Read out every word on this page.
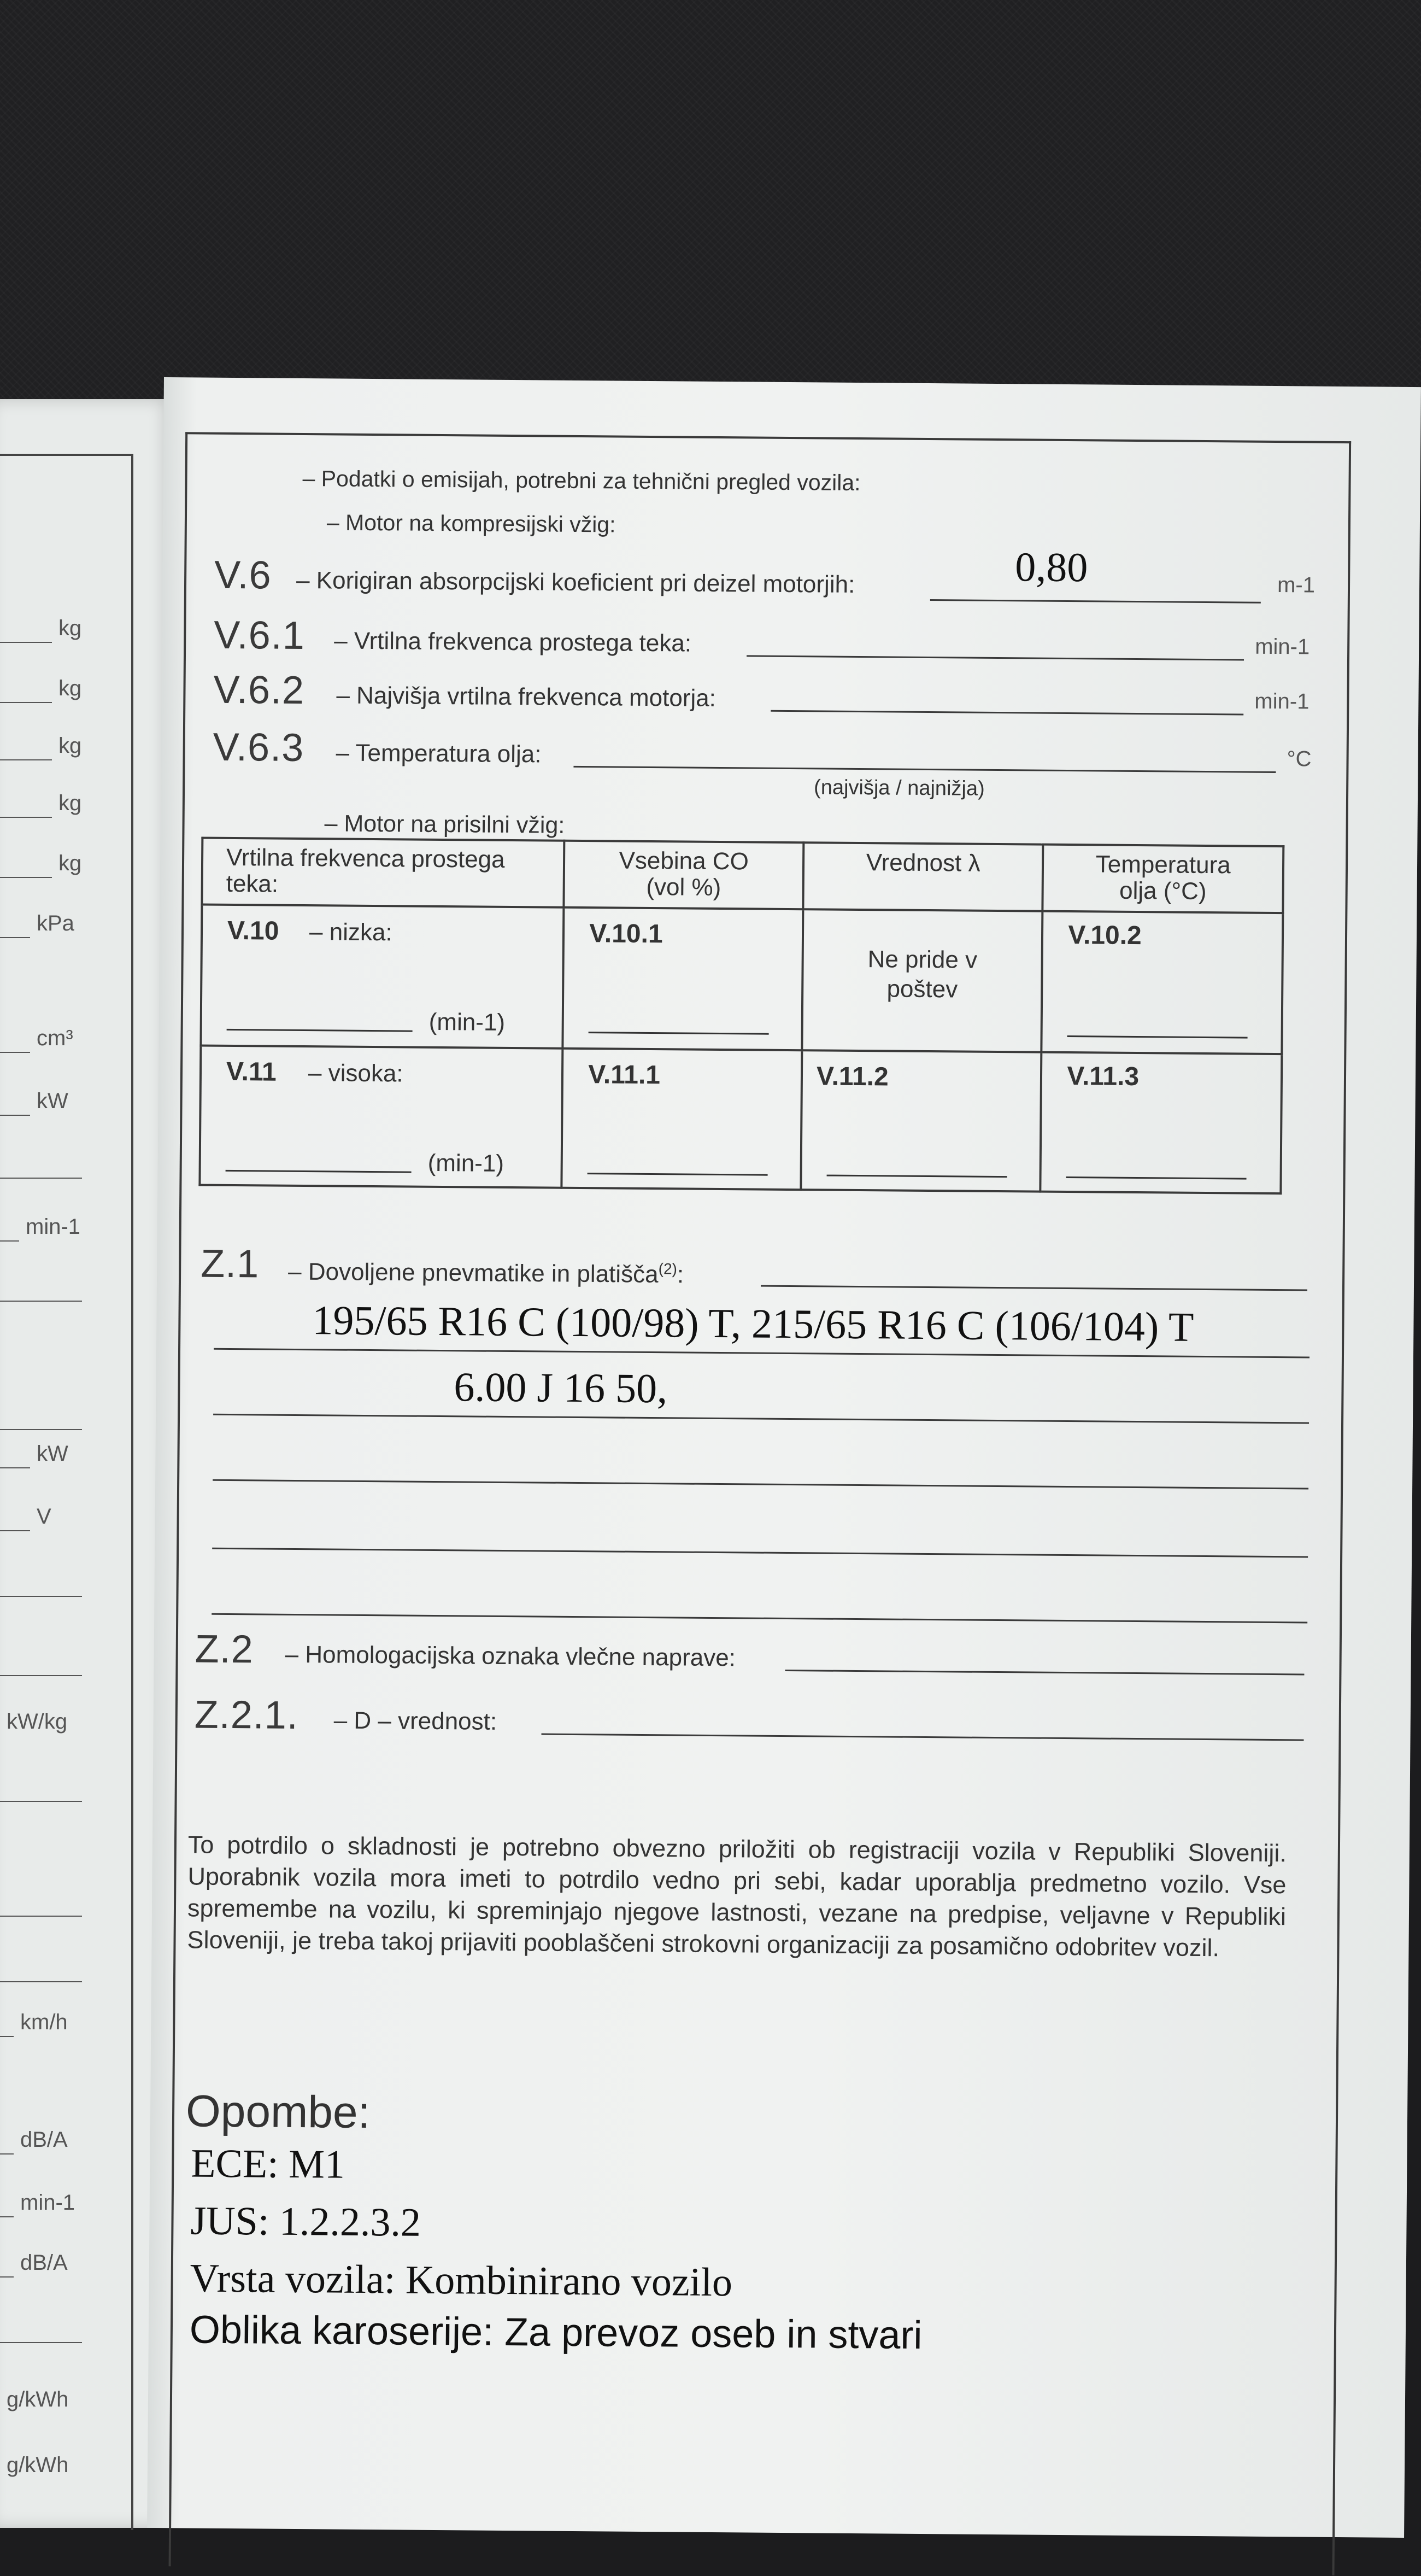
kg
kg
kg
kg
kg
kPa
cm³
kW
min-1
kW
V
kW/kg
km/h
dB/A
min-1
dB/A
g/kWh
g/kWh
– Podatki o emisijah, potrebni za tehnični pregled vozila:
– Motor na kompresijski vžig:
V.6 – Korigiran absorpcijski koeficient pri deizel motorjih:	0,80	m-1
V.6.1 – Vrtilna frekvenca prostega teka:	min-1
V.6.2 – Najvišja vrtilna frekvenca motorja:	min-1
V.6.3 – Temperatura olja:	°C
(najvišja / najnižja)
– Motor na prisilni vžig:
Vrtilna frekvenca prostega teka:	Vsebina CO (vol %)	Vrednost λ	Temperatura olja (°C)

V.10 – nizka:
(min-1)	V.10.1	Ne pride v poštev	V.10.2

V.11 – visoka:
(min-1)	V.11.1	V.11.2	V.11.3
Z.1 – Dovoljene pnevmatike in platišča$^{(2)}$:
195/65 R16 C (100/98) T, 215/65 R16 C (106/104) T
6.00 J 16 50,
Z.2 – Homologacijska oznaka vlečne naprave:
Z.2.1. – D – vrednost:
To potrdilo o skladnosti je potrebno obvezno priložiti ob registraciji vozila v Republiki Sloveniji. Uporabnik vozila mora imeti to potrdilo vedno pri sebi, kadar uporablja predmetno vozilo. Vse spremembe na vozilu, ki spreminjajo njegove lastnosti, vezane na predpise, veljavne v Republiki Sloveniji, je treba takoj prijaviti pooblaščeni strokovni organizaciji za posamično odobritev vozil.
Opombe:
ECE: M1
JUS: 1.2.2.3.2
Vrsta vozila: Kombinirano vozilo
Oblika karoserije: Za prevoz oseb in stvari
